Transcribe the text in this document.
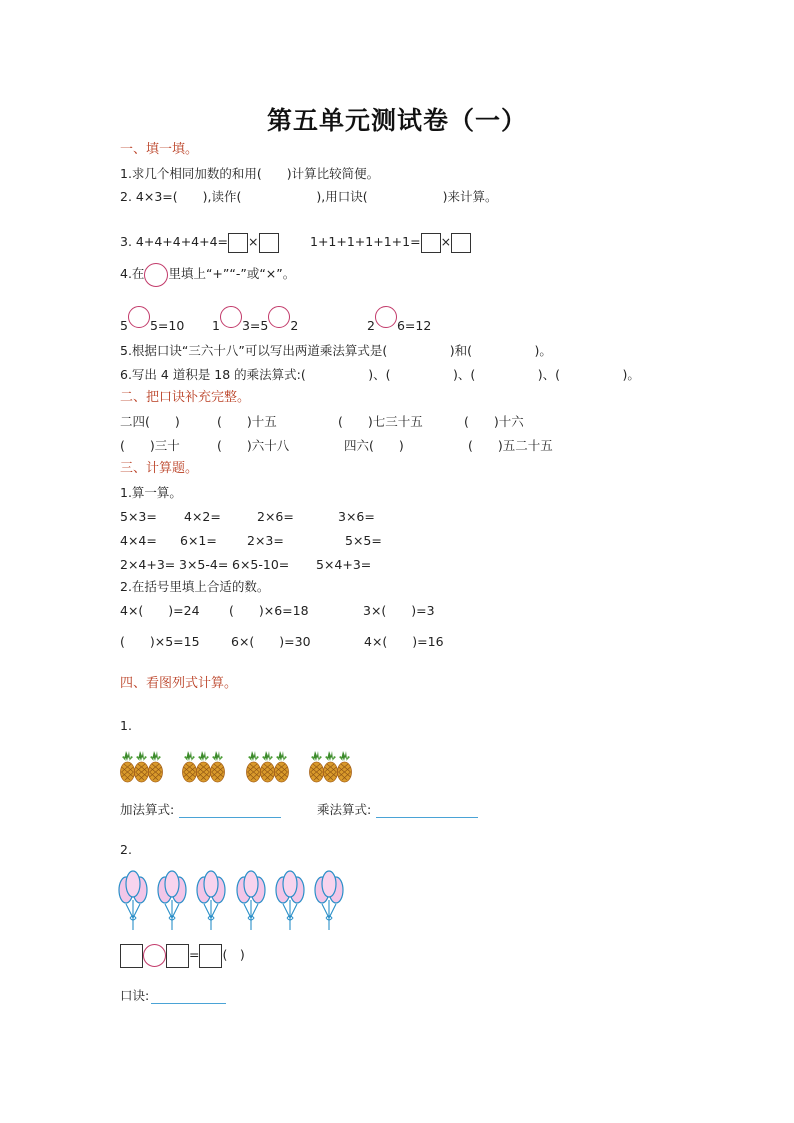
第五单元测试卷（一）
一、填一填。
1.求几个相同加数的和用(　　)计算比较简便。
2. 4×3=(　　),读作(　　　　　　),用口诀(　　　　　　)来计算。
3. 4+4+4+4+4= ×	1+1+1+1+1+1= ×
4.在 里填上“+”“-”或“×”。
5 5=10 1 3=5 2	2 6=12
5.根据口诀“三六十八”可以写出两道乘法算式是(　　　　　)和(　　　　　)。
6.写出 4 道积是 18 的乘法算式:(　　　　　)、(　　　　　)、(　　　　　)、(　　　　　)。
二、把口诀补充完整。
二四(　　)	(　　)十五	(　　)七三十五	(　　)十六
(　　)三十	(　　)六十八	四六(　　)	(　　)五二十五
三、计算题。
1.算一算。
5×3= 4×2=	2×6=	3×6=
4×4= 6×1= 2×3=	5×5=
2×4+3= 3×5-4= 6×5-10= 5×4+3=
2.在括号里填上合适的数。
4×(　　)=24 (　　)×6=18	3×(　　)=3
(　　)×5=15	6×(　　)=30	4×(　　)=16
四、看图列式计算。
1.
加法算式:	乘法算式:
2.
= (　)
口诀:
